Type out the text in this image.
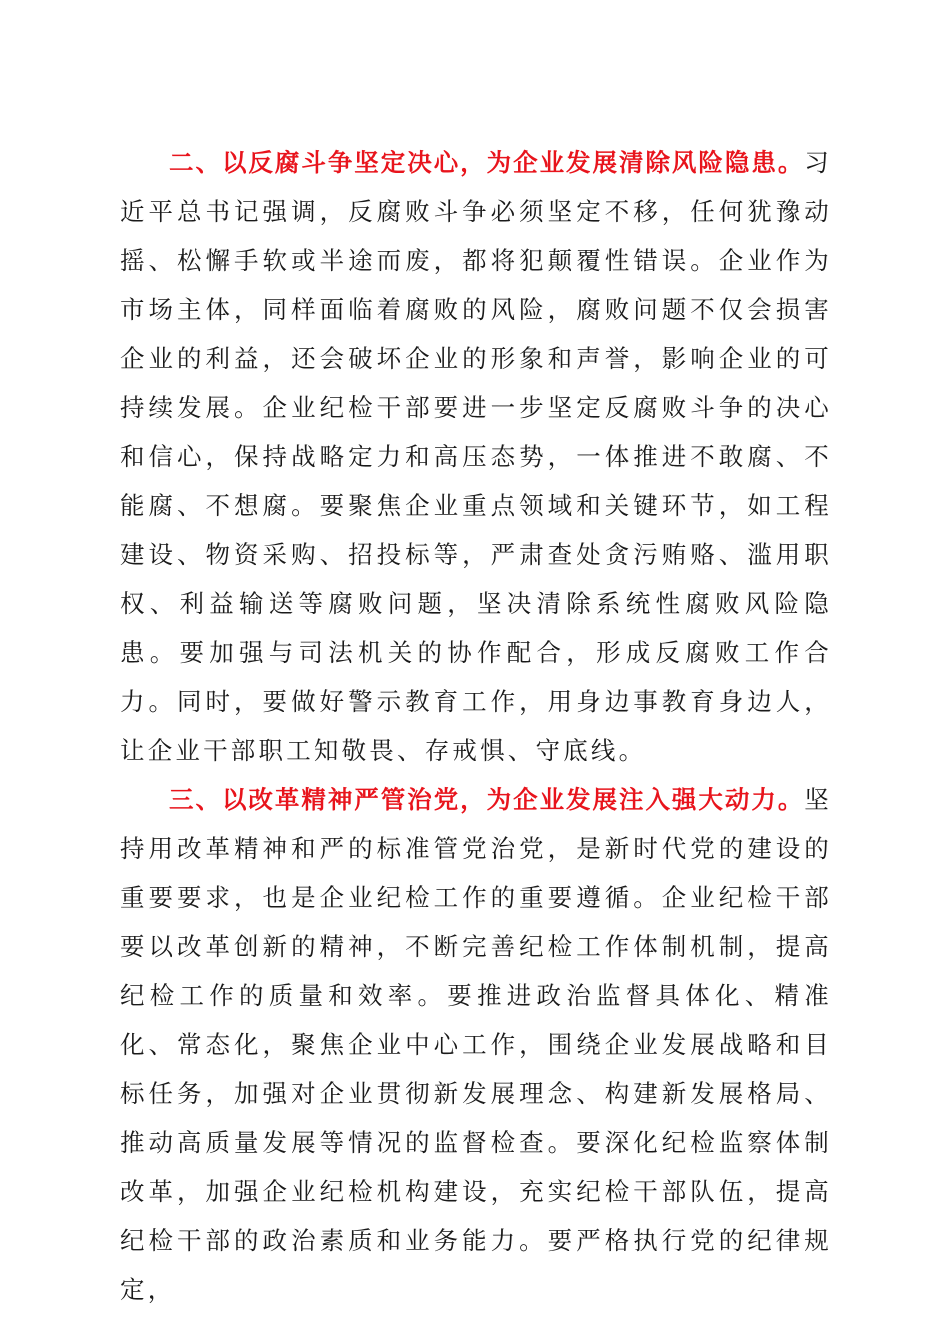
二、以反腐斗争坚定决心，为企业发展清除风险隐患。习近平总书记强调，反腐败斗争必须坚定不移，任何犹豫动摇、松懈手软或半途而废，都将犯颠覆性错误。企业作为市场主体，同样面临着腐败的风险，腐败问题不仅会损害企业的利益，还会破坏企业的形象和声誉，影响企业的可持续发展。企业纪检干部要进一步坚定反腐败斗争的决心和信心，保持战略定力和高压态势，一体推进不敢腐、不能腐、不想腐。要聚焦企业重点领域和关键环节，如工程建设、物资采购、招投标等，严肃查处贪污贿赂、滥用职权、利益输送等腐败问题，坚决清除系统性腐败风险隐患。要加强与司法机关的协作配合，形成反腐败工作合力。同时，要做好警示教育工作，用身边事教育身边人，让企业干部职工知敬畏、存戒惧、守底线。

三、以改革精神严管治党，为企业发展注入强大动力。坚持用改革精神和严的标准管党治党，是新时代党的建设的重要要求，也是企业纪检工作的重要遵循。企业纪检干部要以改革创新的精神，不断完善纪检工作体制机制，提高纪检工作的质量和效率。要推进政治监督具体化、精准化、常态化，聚焦企业中心工作，围绕企业发展战略和目标任务，加强对企业贯彻新发展理念、构建新发展格局、推动高质量发展等情况的监督检查。要深化纪检监察体制改革，加强企业纪检机构建设，充实纪检干部队伍，提高纪检干部的政治素质和业务能力。要严格执行党的纪律规定，
